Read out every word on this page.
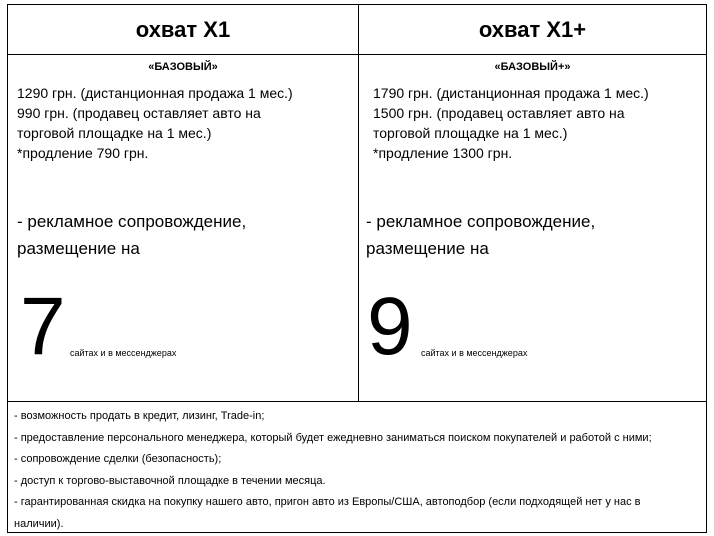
охват Х1	охват Х1+
«БАЗОВЫЙ»
1290 грн. (дистанционная продажа 1 мес.)
990 грн. (продавец оставляет авто на
торговой площадке на 1 мес.)
*продление 790 грн.
- рекламное сопровождение,
размещение на
7 сайтах и в мессенджерах
«БАЗОВЫЙ+»
1790 грн. (дистанционная продажа 1 мес.)
1500 грн. (продавец оставляет авто на
торговой площадке на 1 мес.)
*продление 1300 грн.
- рекламное сопровождение,
размещение на
9 сайтах и в мессенджерах
- возможность продать в кредит, лизинг, Trade-in;
- предоставление персонального менеджера, который будет ежедневно заниматься поиском покупателей и работой с ними;
- сопровождение сделки (безопасность);
- доступ к торгово-выставочной площадке в течении месяца.
- гарантированная скидка на покупку нашего авто, пригон авто из Европы/США, автоподбор (если подходящей нет у нас в
наличии).
